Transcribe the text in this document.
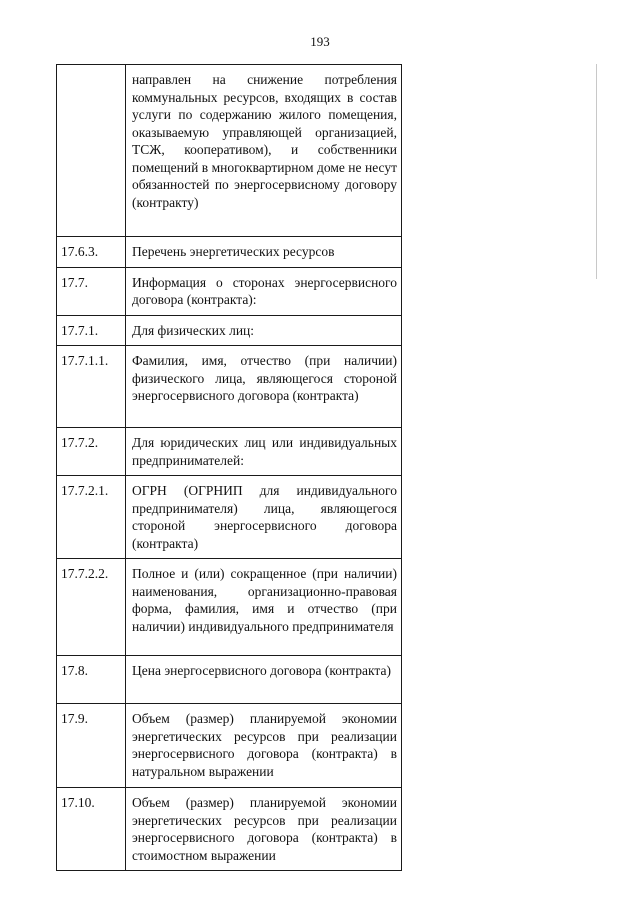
193
	направлен на снижение потребления коммунальных ресурсов, входящих в состав услуги по содержанию жилого помещения, оказываемую управляющей организацией, ТСЖ, кооперативом), и собственники помещений в многоквартирном доме не несут обязанностей по энергосервисному договору (контракту)
17.6.3.	Перечень энергетических ресурсов
17.7.	Информация о сторонах энергосервисного договора (контракта):
17.7.1.	Для физических лиц:
17.7.1.1.	Фамилия, имя, отчество (при наличии) физического лица, являющегося стороной энергосервисного договора (контракта)
17.7.2.	Для юридических лиц или индивидуальных предпринимателей:
17.7.2.1.	ОГРН (ОГРНИП для индивидуального предпринимателя) лица, являющегося стороной энергосервисного договора (контракта)
17.7.2.2.	Полное и (или) сокращенное (при наличии) наименования, организационно-правовая форма, фамилия, имя и отчество (при наличии) индивидуального предпринимателя
17.8.	Цена энергосервисного договора (контракта)
17.9.	Объем (размер) планируемой экономии энергетических ресурсов при реализации энергосервисного договора (контракта) в натуральном выражении
17.10.	Объем (размер) планируемой экономии энергетических ресурсов при реализации энергосервисного договора (контракта) в стоимостном выражении
